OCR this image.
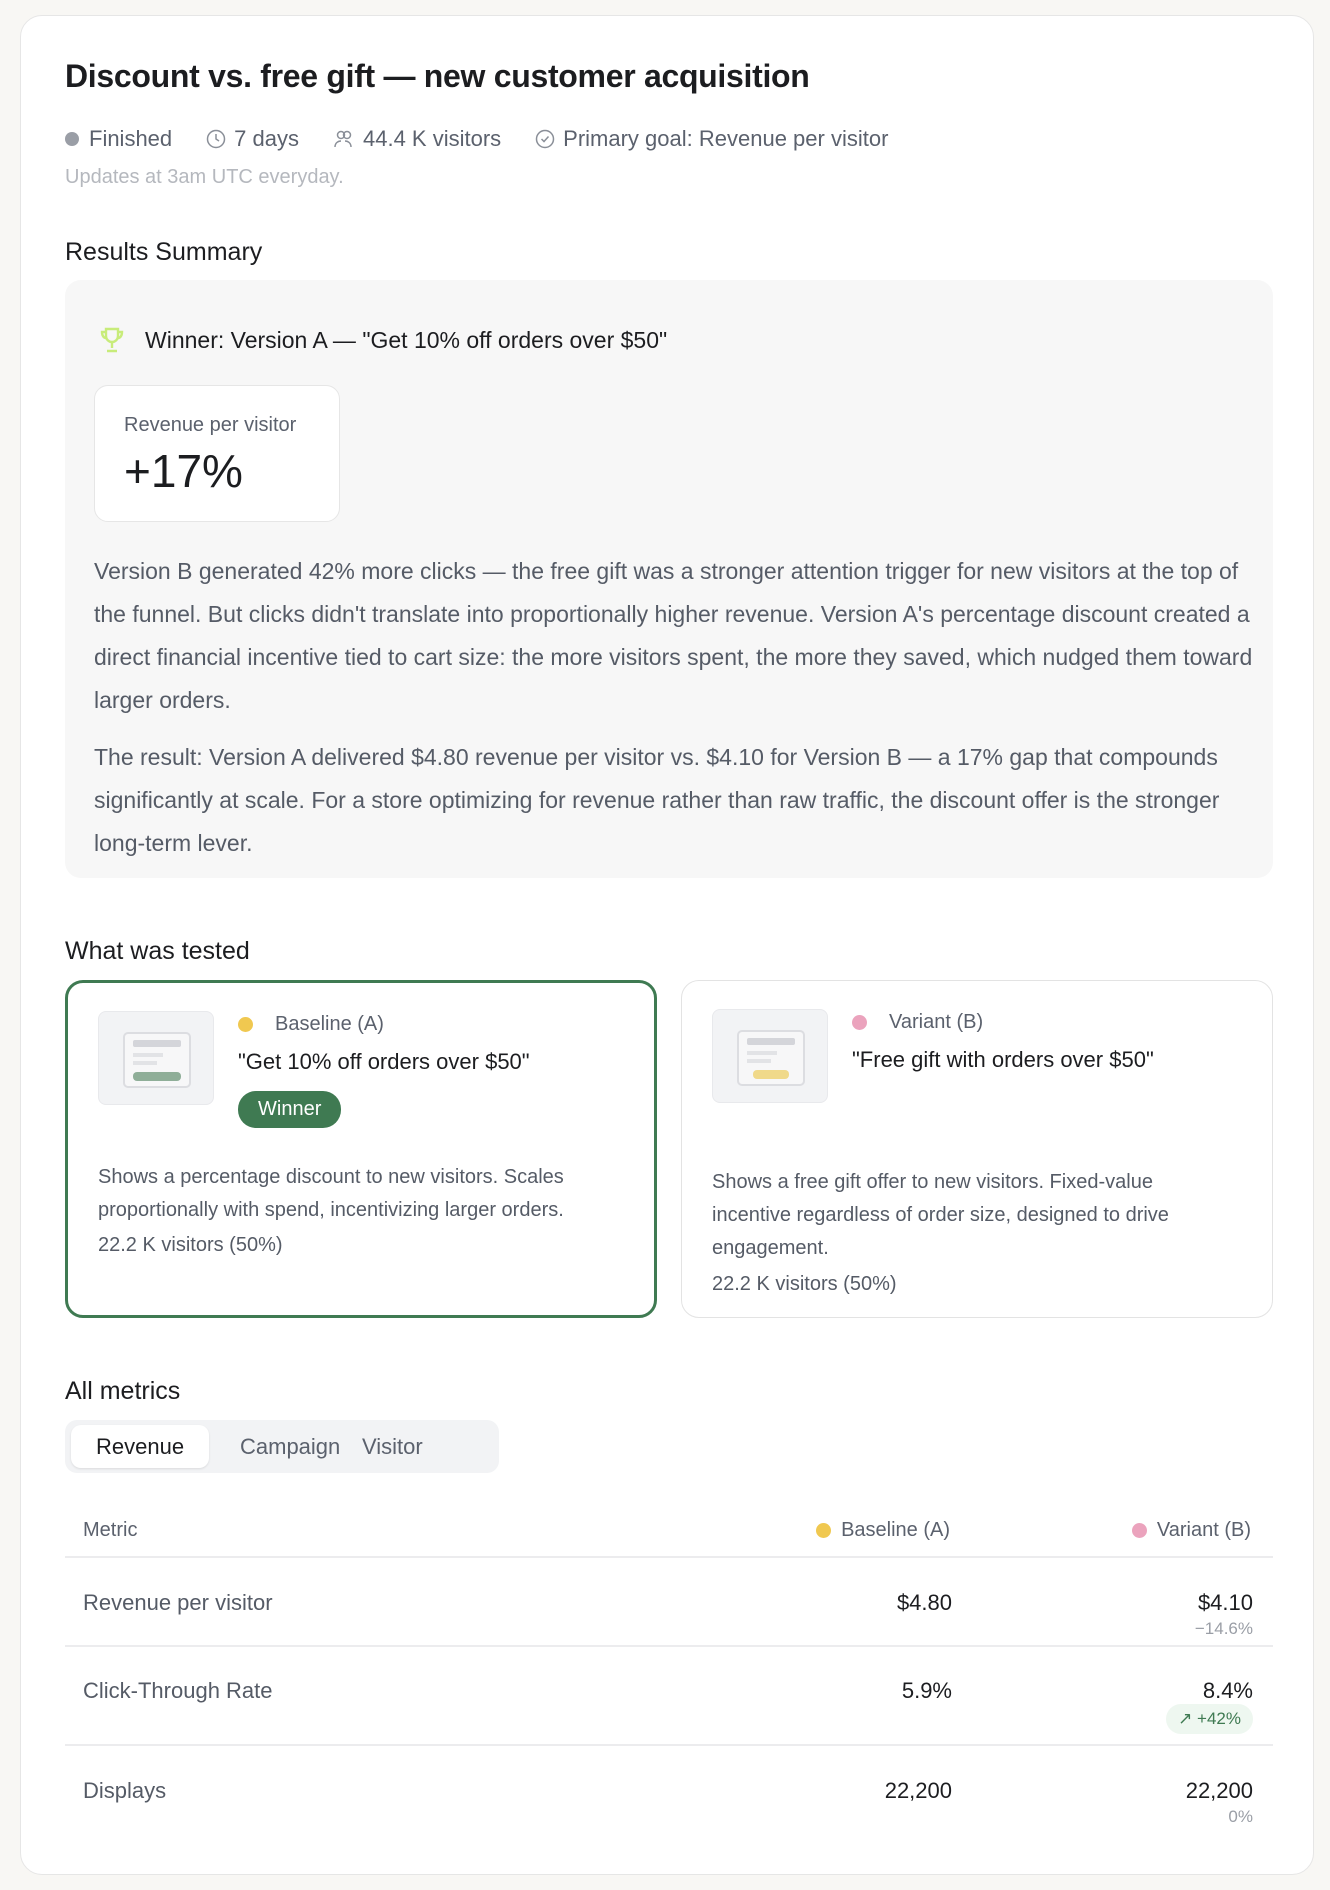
Discount vs. free gift — new customer acquisition
Finished	7 days	44.4 K visitors	Primary goal: Revenue per visitor
Updates at 3am UTC everyday.
Results Summary
Winner: Version A — "Get 10% off orders over $50"
Revenue per visitor
+17%
Version B generated 42% more clicks — the free gift was a stronger attention trigger for new visitors at the top of the funnel. But clicks didn't translate into proportionally higher revenue. Version A's percentage discount created a direct financial incentive tied to cart size: the more visitors spent, the more they saved, which nudged them toward larger orders.
The result: Version A delivered $4.80 revenue per visitor vs. $4.10 for Version B — a 17% gap that compounds significantly at scale. For a store optimizing for revenue rather than raw traffic, the discount offer is the stronger long-term lever.
What was tested
Baseline (A)
"Get 10% off orders over $50"
Winner
Shows a percentage discount to new visitors. Scales proportionally with spend, incentivizing larger orders.
22.2 K visitors (50%)
Variant (B)
"Free gift with orders over $50"
Shows a free gift offer to new visitors. Fixed-value incentive regardless of order size, designed to drive engagement.
22.2 K visitors (50%)
All metrics
Revenue	Campaign Visitor
Metric	Baseline (A)	Variant (B)
Revenue per visitor	$4.80	$4.10
−14.6%
Click-Through Rate	5.9%	8.4%
↗ +42%
Displays	22,200	22,200
0%
